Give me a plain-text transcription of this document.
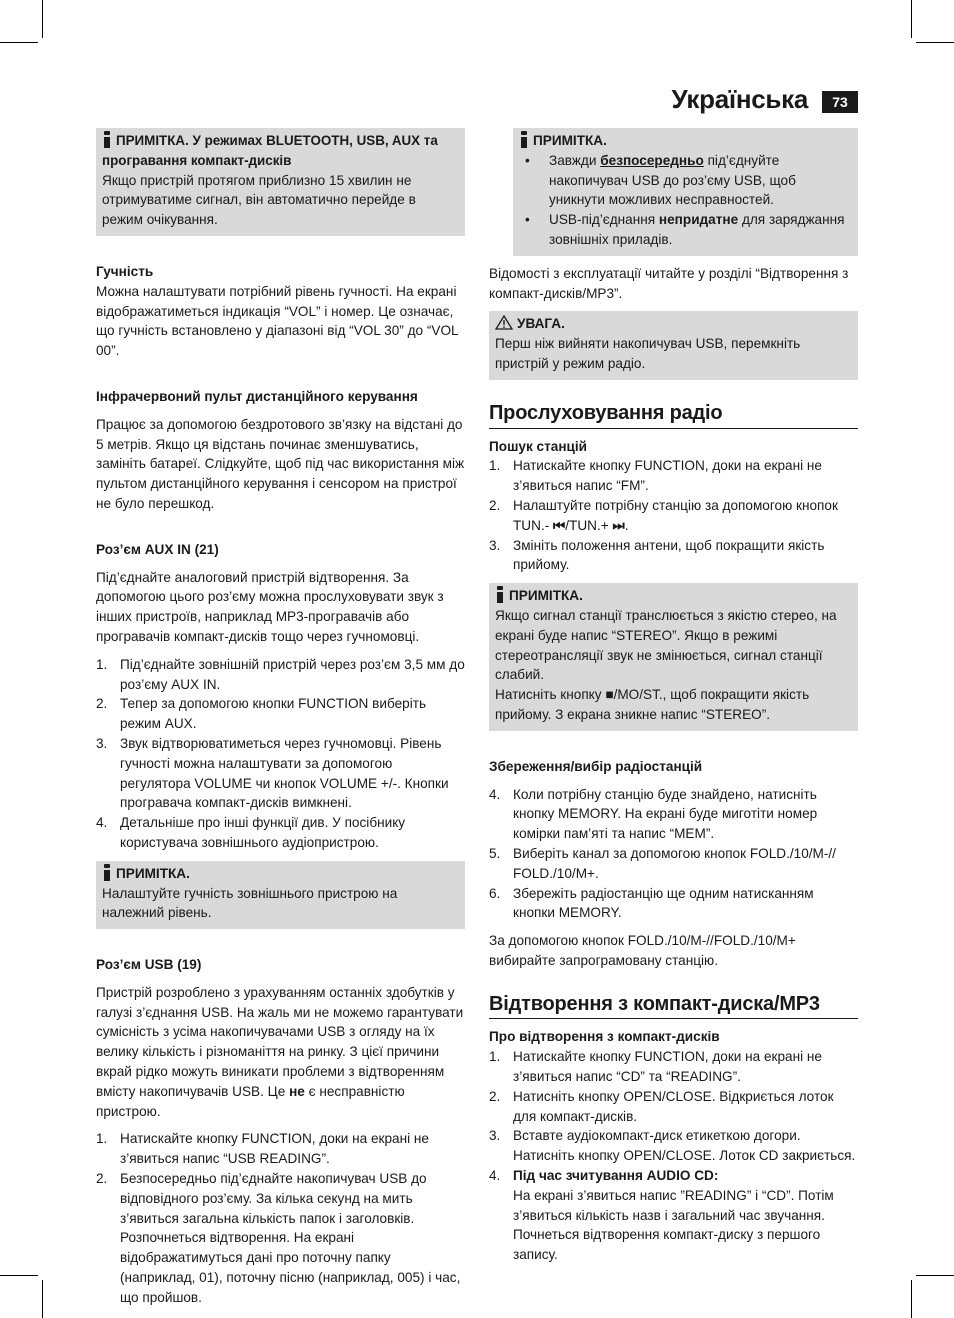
Українська	73
ПРИМІТКА. У режимах BLUETOOTH, USB, AUX та програвання компакт-дисків

Якщо пристрій протягом приблизно 15 хвилин не отримуватиме сигнал, він автоматично перейде в режим очікування.

Гучність

Можна налаштувати потрібний рівень гучності. На екрані відображатиметься індикація “VOL” і номер. Це означає, що гучність встановлено у діапазоні від “VOL 30” до “VOL 00”.

Інфрачервоний пульт дистанційного керування

Працює за допомогою бездротового зв’язку на відстані до 5 метрів. Якщо ця відстань починає зменшуватись, замініть батареї. Слідкуйте, щоб під час використання між пультом дистанційного керування і сенсором на пристрої не було перешкод.

Роз’єм AUX IN (21)

Під’єднайте аналоговий пристрій відтворення. За допомогою цього роз’єму можна прослуховувати звук з інших пристроїв, наприклад MP3-програвачів або програвачів компакт-дисків тощо через гучномовці.

1. Під’єднайте зовнішній пристрій через роз’єм 3,5 мм до роз’єму AUX IN.
2. Тепер за допомогою кнопки FUNCTION виберіть режим AUX.
3. Звук відтворюватиметься через гучномовці. Рівень гучності можна налаштувати за допомогою регулятора VOLUME чи кнопок VOLUME +/-. Кнопки програвача компакт-дисків вимкнені.
4. Детальніше про інші функції див. У посібнику користувача зовнішнього аудіопристрою.
ПРИМІТКА.

Налаштуйте гучність зовнішнього пристрою на належний рівень.

Роз’єм USB (19)

Пристрій розроблено з урахуванням останніх здобутків у галузі з’єднання USB. На жаль ми не можемо гарантувати сумісність з усіма накопичувачами USB з огляду на їх велику кількість і різноманіття на ринку. З цієї причини вкрай рідко можуть виникати проблеми з відтворенням вмісту накопичувачів USB. Це не є несправністю пристрою.

1. Натискайте кнопку FUNCTION, доки на екрані не з’явиться напис “USB READING”.
2. Безпосередньо під’єднайте накопичувач USB до відповідного роз’єму. За кілька секунд на мить з’явиться загальна кількість папок і заголовків. Розпочнеться відтворення. На екрані відображатимуться дані про поточну папку (наприклад, 01), поточну пісню (наприклад, 005) і час, що пройшов.
ПРИМІТКА.
• Завжди безпосередньо під’єднуйте накопичувач USB до роз’єму USB, щоб уникнути можливих несправностей.
• USB-під’єднання непридатне для заряджання зовнішніх приладів.

Відомості з експлуатації читайте у розділі “Відтворення з компакт-дисків/MP3”.

УВАГА.

Перш ніж вийняти накопичувач USB, перемкніть пристрій у режим радіо.

Прослуховування радіо

Пошук станцій

1. Натискайте кнопку FUNCTION, доки на екрані не з’явиться напис “FM”.
2. Налаштуйте потрібну станцію за допомогою кнопок TUN.- ⏮/TUN.+ ⏭.
3. Змініть положення антени, щоб покращити якість прийому.
ПРИМІТКА.

Якщо сигнал станції транслюється з якістю стерео, на екрані буде напис “STEREO”. Якщо в режимі стереотрансляції звук не змінюється, сигнал станції слабий.

Натисніть кнопку ■/MO/ST., щоб покращити якість прийому. З екрана зникне напис “STEREO”.

Збереження/вибір радіостанцій

4. Коли потрібну станцію буде знайдено, натисніть кнопку MEMORY. На екрані буде миготіти номер комірки пам’яті та напис “MEM”.
5. Виберіть канал за допомогою кнопок FOLD./10/M-// FOLD./10/M+.
6. Збережіть радіостанцію ще одним натисканням кнопки MEMORY.

За допомогою кнопок FOLD./10/M-//FOLD./10/M+ вибирайте запрограмовану станцію.

Відтворення з компакт-диска/MP3

Про відтворення з компакт-дисків

1. Натискайте кнопку FUNCTION, доки на екрані не з’явиться напис “CD” та “READING”.
2. Натисніть кнопку OPEN/CLOSE. Відкриється лоток для компакт-дисків.
3. Вставте аудіокомпакт-диск етикеткою догори. Натисніть кнопку OPEN/CLOSE. Лоток CD закриється.
4. Під час зчитування AUDIO CD:
На екрані з’явиться напис ”READING” і “CD”. Потім з’явиться кількість назв і загальний час звучання. Почнеться відтворення компакт-диску з першого запису.
